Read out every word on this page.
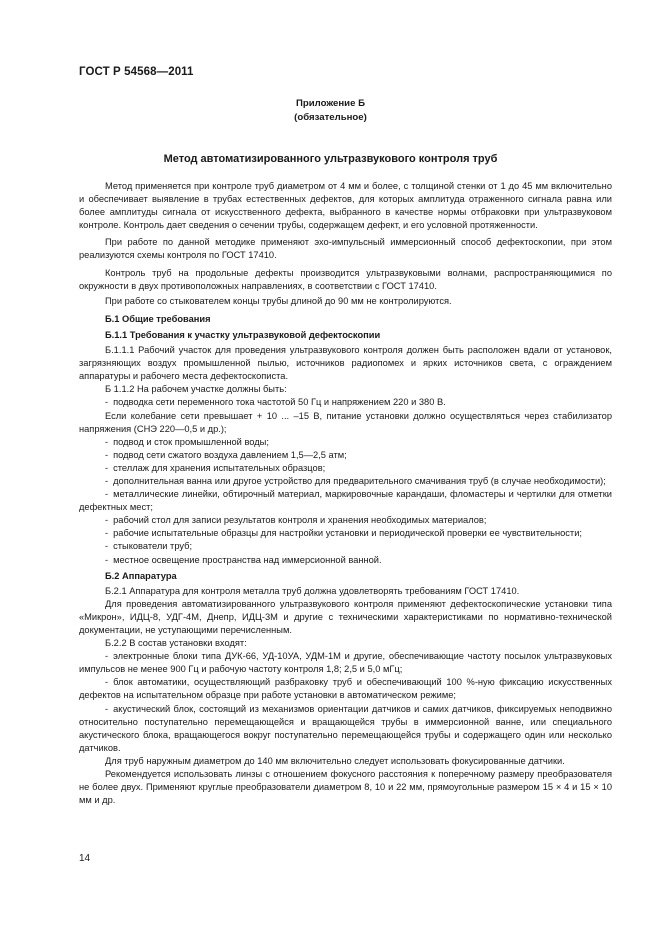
ГОСТ Р 54568—2011
Приложение Б
(обязательное)
Метод автоматизированного ультразвукового контроля труб

Метод применяется при контроле труб диаметром от 4 мм и более, с толщиной стенки от 1 до 45 мм включительно и обеспечивает выявление в трубах естественных дефектов, для которых амплитуда отраженного сигнала равна или более амплитуды сигнала от искусственного дефекта, выбранного в качестве нормы отбраковки при ультразвуковом контроле. Контроль дает сведения о сечении трубы, содержащем дефект, и его условной протяженности.

При работе по данной методике применяют эхо-импульсный иммерсионный способ дефектоскопии, при этом реализуются схемы контроля по ГОСТ 17410.

Контроль труб на продольные дефекты производится ультразвуковыми волнами, распространяющимися по окружности в двух противоположных направлениях, в соответствии с ГОСТ 17410.

При работе со стыкователем концы трубы длиной до 90 мм не контролируются.

Б.1 Общие требования
Б.1.1 Требования к участку ультразвуковой дефектоскопии

Б.1.1.1 Рабочий участок для проведения ультразвукового контроля должен быть расположен вдали от установок, загрязняющих воздух промышленной пылью, источников радиопомех и ярких источников света, с ограждением аппаратуры и рабочего места дефектоскописта.

Б 1.1.2 На рабочем участке должны быть:

- подводка сети переменного тока частотой 50 Гц и напряжением 220 и 380 В.

Если колебание сети превышает + 10 ... –15 В, питание установки должно осуществляться через стабилизатор напряжения (СНЭ 220—0,5 и др.);

- подвод и сток промышленной воды;

- подвод сети сжатого воздуха давлением 1,5—2,5 атм;

- стеллаж для хранения испытательных образцов;

- дополнительная ванна или другое устройство для предварительного смачивания труб (в случае необходимости);

- металлические линейки, обтирочный материал, маркировочные карандаши, фломастеры и чертилки для отметки дефектных мест;

- рабочий стол для записи результатов контроля и хранения необходимых материалов;

- рабочие испытательные образцы для настройки установки и периодической проверки ее чувствительности;

- стыкователи труб;

- местное освещение пространства над иммерсионной ванной.

Б.2 Аппаратура

Б.2.1 Аппаратура для контроля металла труб должна удовлетворять требованиям ГОСТ 17410.

Для проведения автоматизированного ультразвукового контроля применяют дефектоскопические установки типа «Микрон», ИДЦ-8, УДГ-4М, Днепр, ИДЦ-3М и другие с техническими характеристиками по нормативно-технической документации, не уступающими перечисленным.

Б.2.2 В состав установки входят:

- электронные блоки типа ДУК-66, УД-10УА, УДМ-1М и другие, обеспечивающие частоту посылок ультразвуковых импульсов не менее 900 Гц и рабочую частоту контроля 1,8; 2,5 и 5,0 мГц;

- блок автоматики, осуществляющий разбраковку труб и обеспечивающий 100 %-ную фиксацию искусственных дефектов на испытательном образце при работе установки в автоматическом режиме;

- акустический блок, состоящий из механизмов ориентации датчиков и самих датчиков, фиксируемых неподвижно относительно поступательно перемещающейся и вращающейся трубы в иммерсионной ванне, или специального акустического блока, вращающегося вокруг поступательно перемещающейся трубы и содержащего один или несколько датчиков.

Для труб наружным диаметром до 140 мм включительно следует использовать фокусированные датчики.

Рекомендуется использовать линзы с отношением фокусного расстояния к поперечному размеру преобразователя не более двух. Применяют круглые преобразователи диаметром 8, 10 и 22 мм, прямоугольные размером 15 × 4 и 15 × 10 мм и др.

14
